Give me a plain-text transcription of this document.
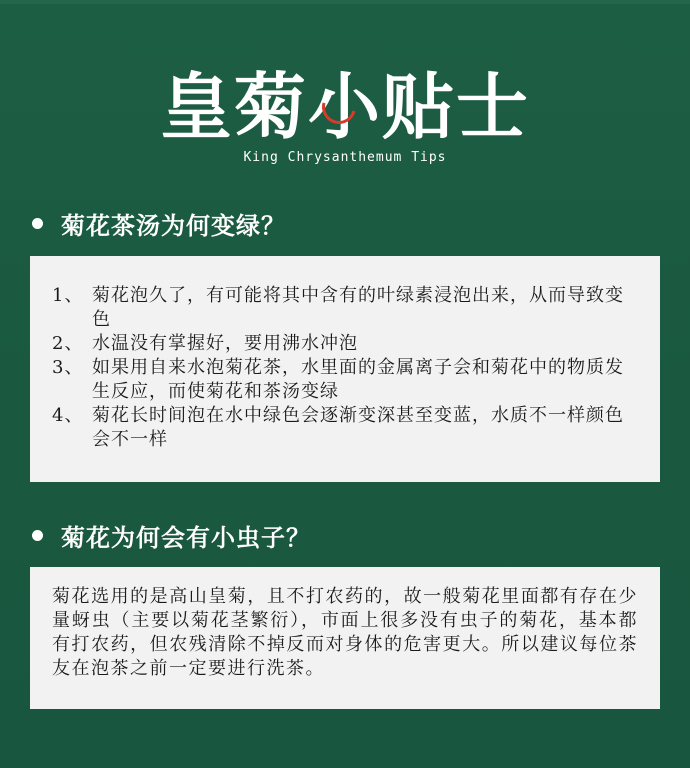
皇菊小贴士
King Chrysanthemum Tips
菊花茶汤为何变绿？
1、 菊花泡久了，有可能将其中含有的叶绿素浸泡出来，从而导致变色
2、 水温没有掌握好，要用沸水冲泡
3、 如果用自来水泡菊花茶，水里面的金属离子会和菊花中的物质发生反应，而使菊花和茶汤变绿
4、 菊花长时间泡在水中绿色会逐渐变深甚至变蓝，水质不一样颜色会不一样
菊花为何会有小虫子？
菊花选用的是高山皇菊，且不打农药的，故一般菊花里面都有存在少量蚜虫（主要以菊花茎繁衍），市面上很多没有虫子的菊花，基本都有打农药，但农残清除不掉反而对身体的危害更大。所以建议每位茶友在泡茶之前一定要进行洗茶。
